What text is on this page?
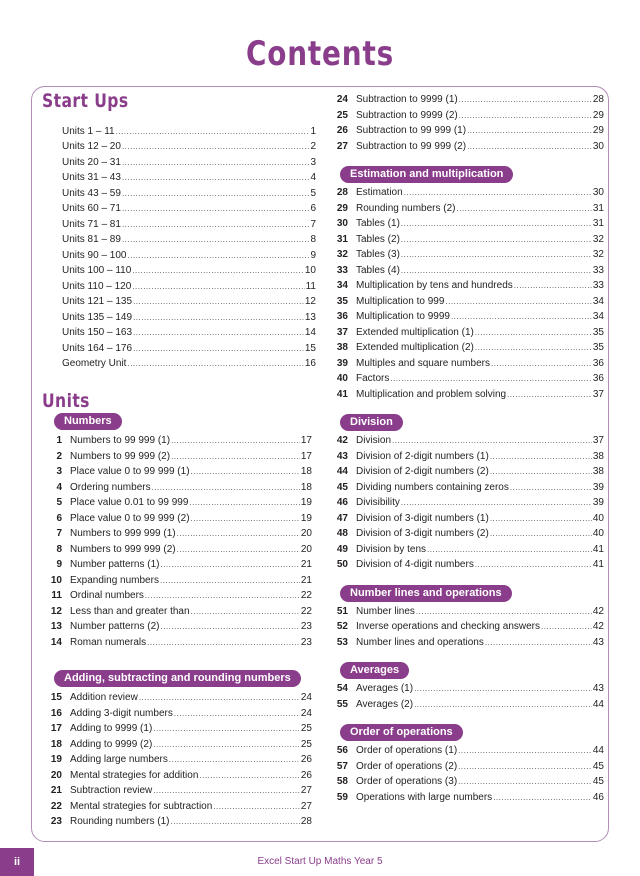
Contents
Start Ups
Units 1 – 11 .....	1
Units 12 – 20 .....	2
Units 20 – 31 .....	3
Units 31 – 43 .....	4
Units 43 – 59 .....	5
Units 60 – 71 .....	6
Units 71 – 81 .....	7
Units 81 – 89 .....	8
Units 90 – 100 .....	9
Units 100 – 110 .....	10
Units 110 – 120 .....	11
Units 121 – 135 .....	12
Units 135 – 149 .....	13
Units 150 – 163 .....	14
Units 164 – 176 .....	15
Geometry Unit .....	16
Units
Numbers
1 Numbers to 99 999 (1) .....	17
2 Numbers to 99 999 (2) .....	17
3 Place value 0 to 99 999 (1) .....	18
4 Ordering numbers .....	18
5 Place value 0.01 to 99 999 .....	19
6 Place value 0 to 99 999 (2) .....	19
7 Numbers to 999 999 (1) .....	20
8 Numbers to 999 999 (2) .....	20
9 Number patterns (1) .....	21
10 Expanding numbers .....	21
11 Ordinal numbers .....	22
12 Less than and greater than .....	22
13 Number patterns (2) .....	23
14 Roman numerals .....	23
Adding, subtracting and rounding numbers
15 Addition review .....	24
16 Adding 3-digit numbers .....	24
17 Adding to 9999 (1) .....	25
18 Adding to 9999 (2) .....	25
19 Adding large numbers .....	26
20 Mental strategies for addition .....	26
21 Subtraction review .....	27
22 Mental strategies for subtraction .....	27
23 Rounding numbers (1) .....	28
24 Subtraction to 9999 (1) .....	28
25 Subtraction to 9999 (2) .....	29
26 Subtraction to 99 999 (1) .....	29
27 Subtraction to 99 999 (2) .....	30
Estimation and multiplication
28 Estimation .....	30
29 Rounding numbers (2) .....	31
30 Tables (1) .....	31
31 Tables (2) .....	32
32 Tables (3) .....	32
33 Tables (4) .....	33
34 Multiplication by tens and hundreds .....	33
35 Multiplication to 999 .....	34
36 Multiplication to 9999 .....	34
37 Extended multiplication (1) .....	35
38 Extended multiplication (2) .....	35
39 Multiples and square numbers .....	36
40 Factors .....	36
41 Multiplication and problem solving .....	37
Division
42 Division .....	37
43 Division of 2-digit numbers (1) .....	38
44 Division of 2-digit numbers (2) .....	38
45 Dividing numbers containing zeros .....	39
46 Divisibility .....	39
47 Division of 3-digit numbers (1) .....	40
48 Division of 3-digit numbers (2) .....	40
49 Division by tens .....	41
50 Division of 4-digit numbers .....	41
Number lines and operations
51 Number lines .....	42
52 Inverse operations and checking answers .....	42
53 Number lines and operations .....	43
Averages
54 Averages (1) .....	43
55 Averages (2) .....	44
Order of operations
56 Order of operations (1) .....	44
57 Order of operations (2) .....	45
58 Order of operations (3) .....	45
59 Operations with large numbers .....	46
ii	Excel Start Up Maths Year 5
